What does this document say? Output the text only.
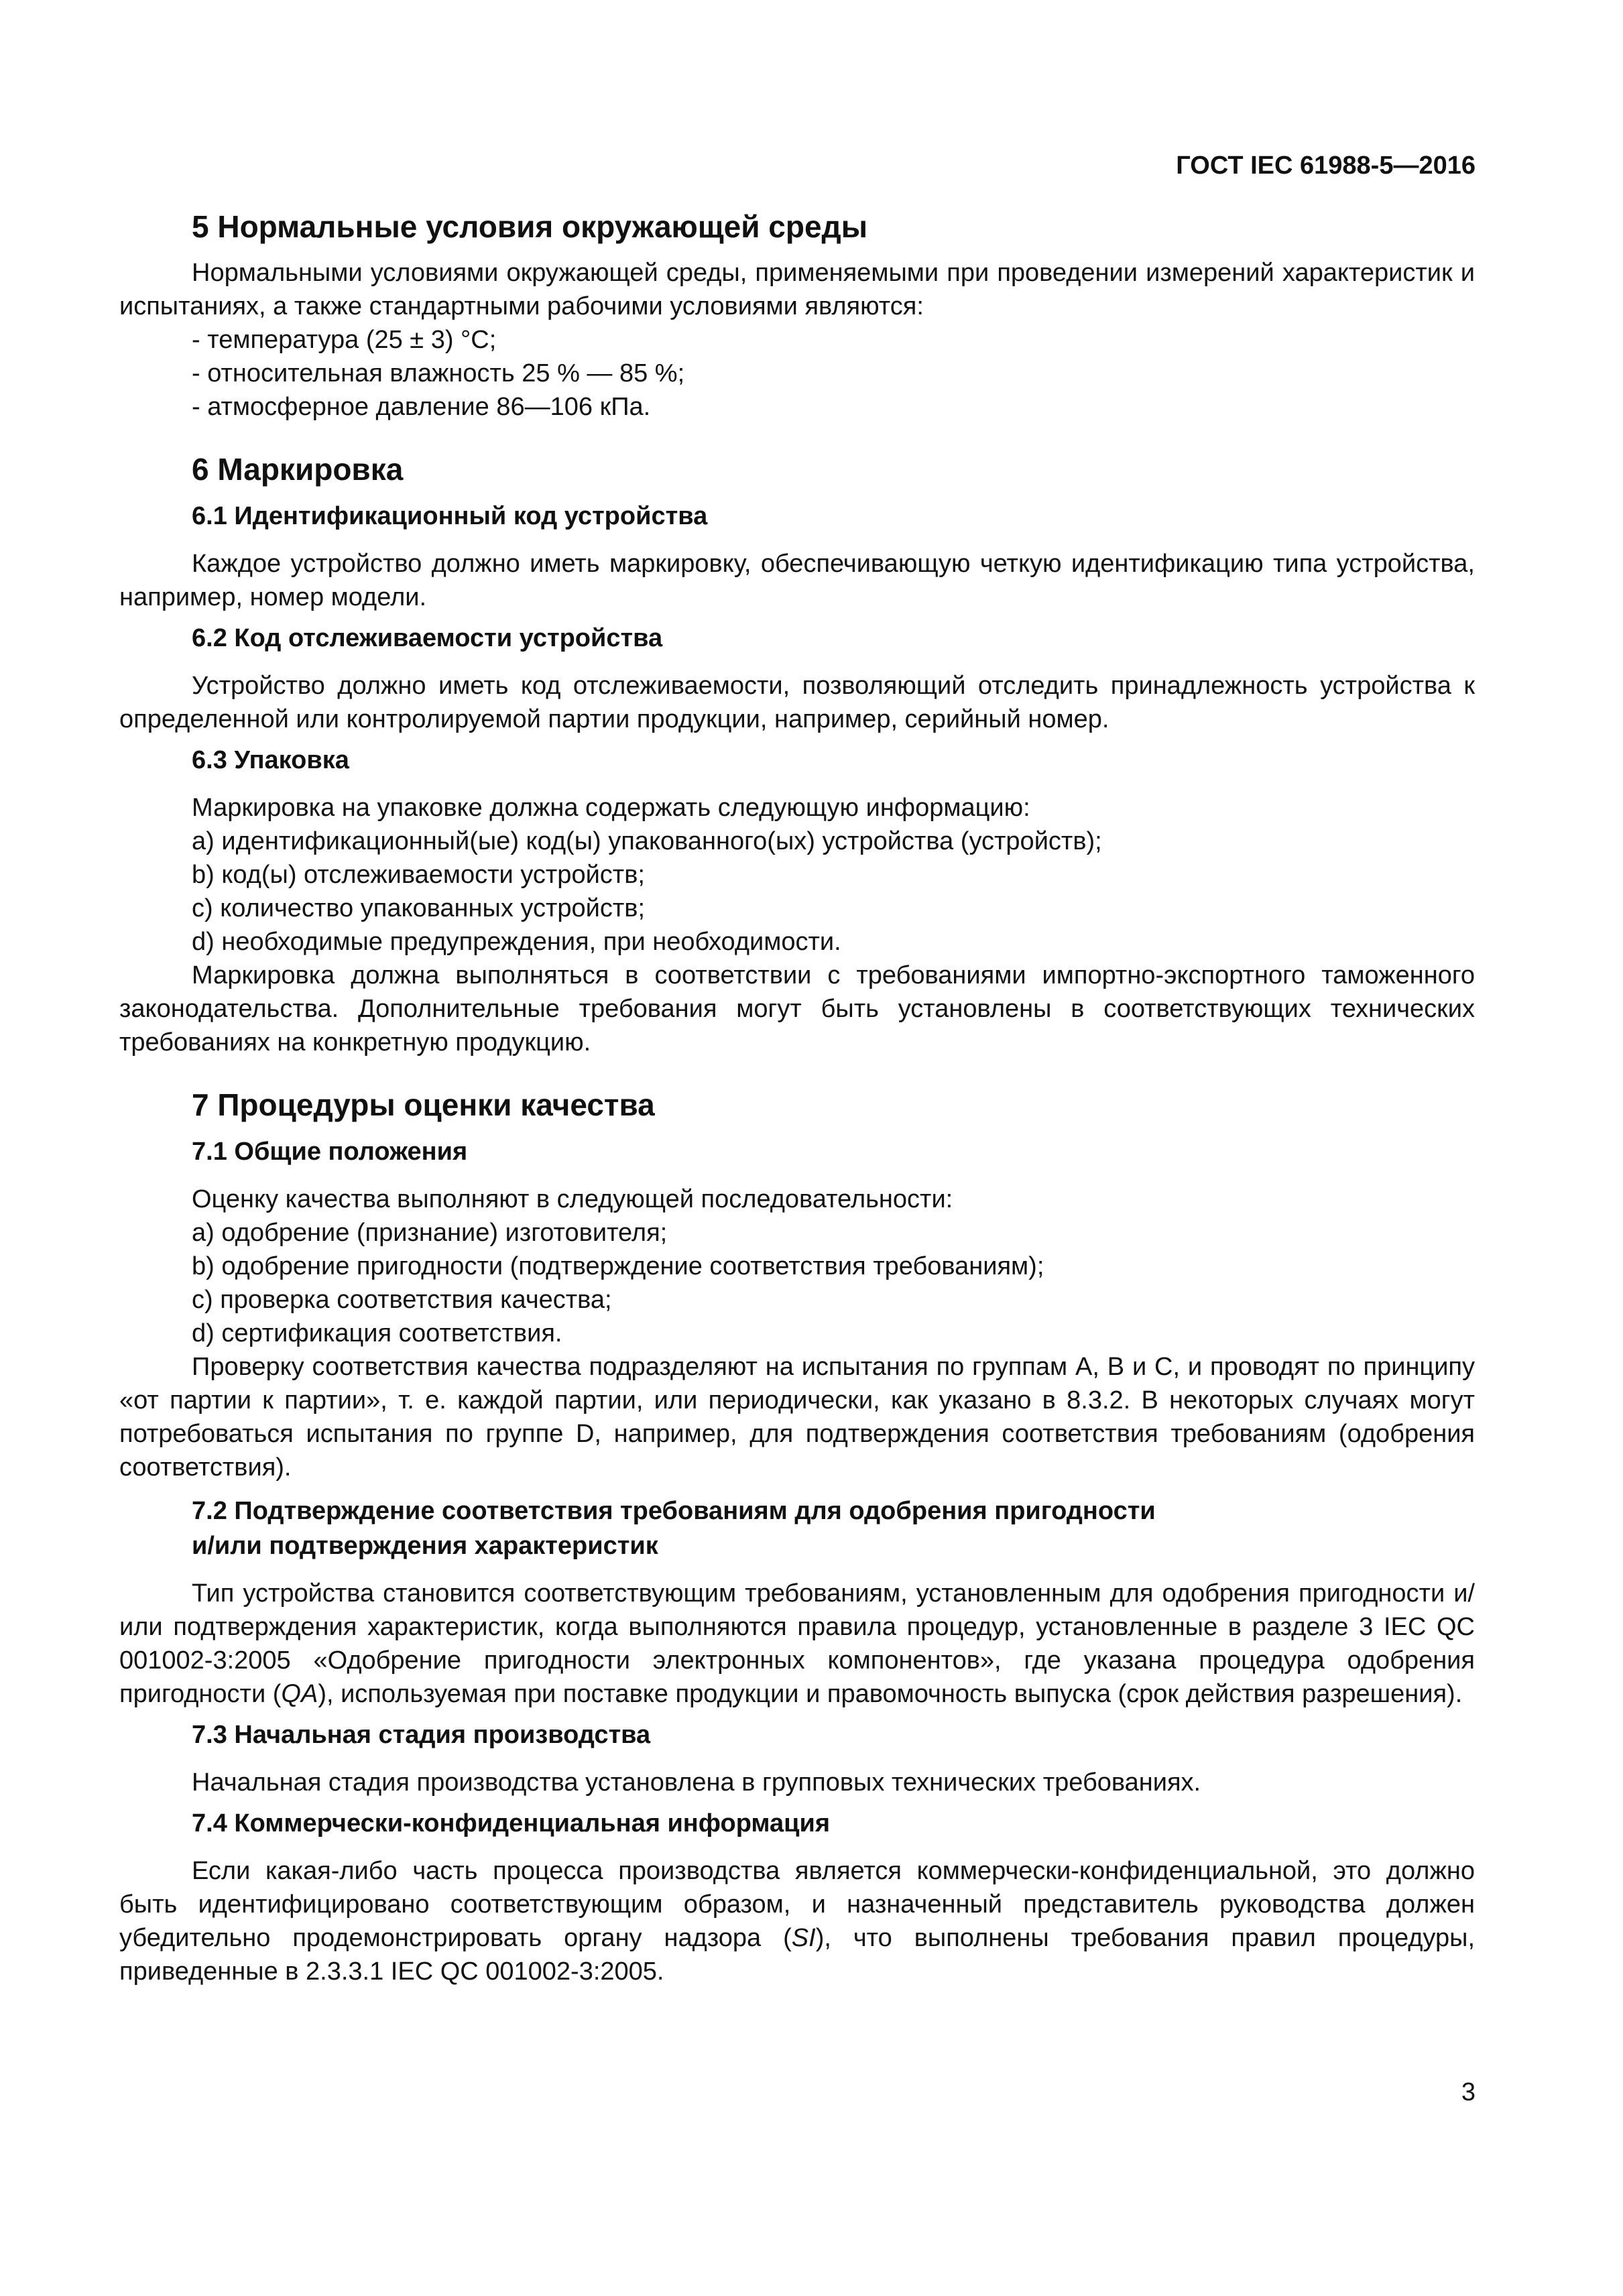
ГОСТ IEC 61988-5—2016
5 Нормальные условия окружающей среды

Нормальными условиями окружающей среды, применяемыми при проведении измерений характеристик и испытаниях, а также стандартными рабочими условиями являются:

- температура (25 ± 3) °С;

- относительная влажность 25 % — 85 %;

- атмосферное давление 86—106 кПа.

6 Маркировка
6.1 Идентификационный код устройства

Каждое устройство должно иметь маркировку, обеспечивающую четкую идентификацию типа устройства, например, номер модели.

6.2 Код отслеживаемости устройства

Устройство должно иметь код отслеживаемости, позволяющий отследить принадлежность устройства к определенной или контролируемой партии продукции, например, серийный номер.

6.3 Упаковка

Маркировка на упаковке должна содержать следующую информацию:

a) идентификационный(ые) код(ы) упакованного(ых) устройства (устройств);

b) код(ы) отслеживаемости устройств;

c) количество упакованных устройств;

d) необходимые предупреждения, при необходимости.

Маркировка должна выполняться в соответствии с требованиями импортно-экспортного таможенного законодательства. Дополнительные требования могут быть установлены в соответствующих технических требованиях на конкретную продукцию.

7 Процедуры оценки качества
7.1 Общие положения

Оценку качества выполняют в следующей последовательности:

a) одобрение (признание) изготовителя;

b) одобрение пригодности (подтверждение соответствия требованиям);

c) проверка соответствия качества;

d) сертификация соответствия.

Проверку соответствия качества подразделяют на испытания по группам А, В и С, и проводят по принципу «от партии к партии», т. е. каждой партии, или периодически, как указано в 8.3.2. В некоторых случаях могут потребоваться испытания по группе D, например, для подтверждения соответствия требованиям (одобрения соответствия).

7.2 Подтверждение соответствия требованиям для одобрения пригодности
и/или подтверждения характеристик

Тип устройства становится соответствующим требованиям, установленным для одобрения пригодности и/или подтверждения характеристик, когда выполняются правила процедур, установленные в разделе 3 IEC QC 001002-3:2005 «Одобрение пригодности электронных компонентов», где указана процедура одобрения пригодности (QA), используемая при поставке продукции и правомочность выпуска (срок действия разрешения).

7.3 Начальная стадия производства

Начальная стадия производства установлена в групповых технических требованиях.

7.4 Коммерчески-конфиденциальная информация

Если какая-либо часть процесса производства является коммерчески-конфиденциальной, это должно быть идентифицировано соответствующим образом, и назначенный представитель руководства должен убедительно продемонстрировать органу надзора (SI), что выполнены требования правил процедуры, приведенные в 2.3.3.1 IEC QC 001002-3:2005.

3
